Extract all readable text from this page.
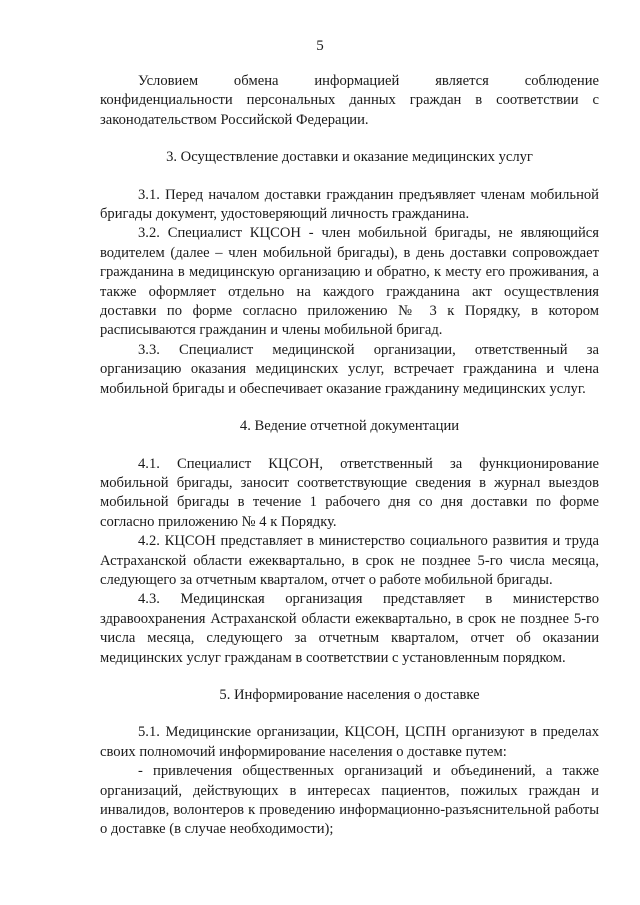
5

Условием обмена информацией является соблюдение конфиденциальности персональных данных граждан в соответствии с законодательством Российской Федерации.

3. Осуществление доставки и оказание медицинских услуг

3.1. Перед началом доставки гражданин предъявляет членам мобильной бригады документ, удостоверяющий личность гражданина.

3.2. Специалист КЦСОН - член мобильной бригады, не являющийся водителем (далее – член мобильной бригады), в день доставки сопровождает гражданина в медицинскую организацию и обратно, к месту его проживания, а также оформляет отдельно на каждого гражданина акт осуществления доставки по форме согласно приложению № 3 к Порядку, в котором расписываются гражданин и члены мобильной бригад.

3.3. Специалист медицинской организации, ответственный за организацию оказания медицинских услуг, встречает гражданина и члена мобильной бригады и обеспечивает оказание гражданину медицинских услуг.

4. Ведение отчетной документации

4.1. Специалист КЦСОН, ответственный за функционирование мобильной бригады, заносит соответствующие сведения в журнал выездов мобильной бригады в течение 1 рабочего дня со дня доставки по форме согласно приложению № 4 к Порядку.

4.2. КЦСОН представляет в министерство социального развития и труда Астраханской области ежеквартально, в срок не позднее 5-го числа месяца, следующего за отчетным кварталом, отчет о работе мобильной бригады.

4.3. Медицинская организация представляет в министерство здравоохранения Астраханской области ежеквартально, в срок не позднее 5-го числа месяца, следующего за отчетным кварталом, отчет об оказании медицинских услуг гражданам в соответствии с установленным порядком.

5. Информирование населения о доставке

5.1. Медицинские организации, КЦСОН, ЦСПН организуют в пределах своих полномочий информирование населения о доставке путем:

- привлечения общественных организаций и объединений, а также организаций, действующих в интересах пациентов, пожилых граждан и инвалидов, волонтеров к проведению информационно-разъяснительной работы о доставке (в случае необходимости);
